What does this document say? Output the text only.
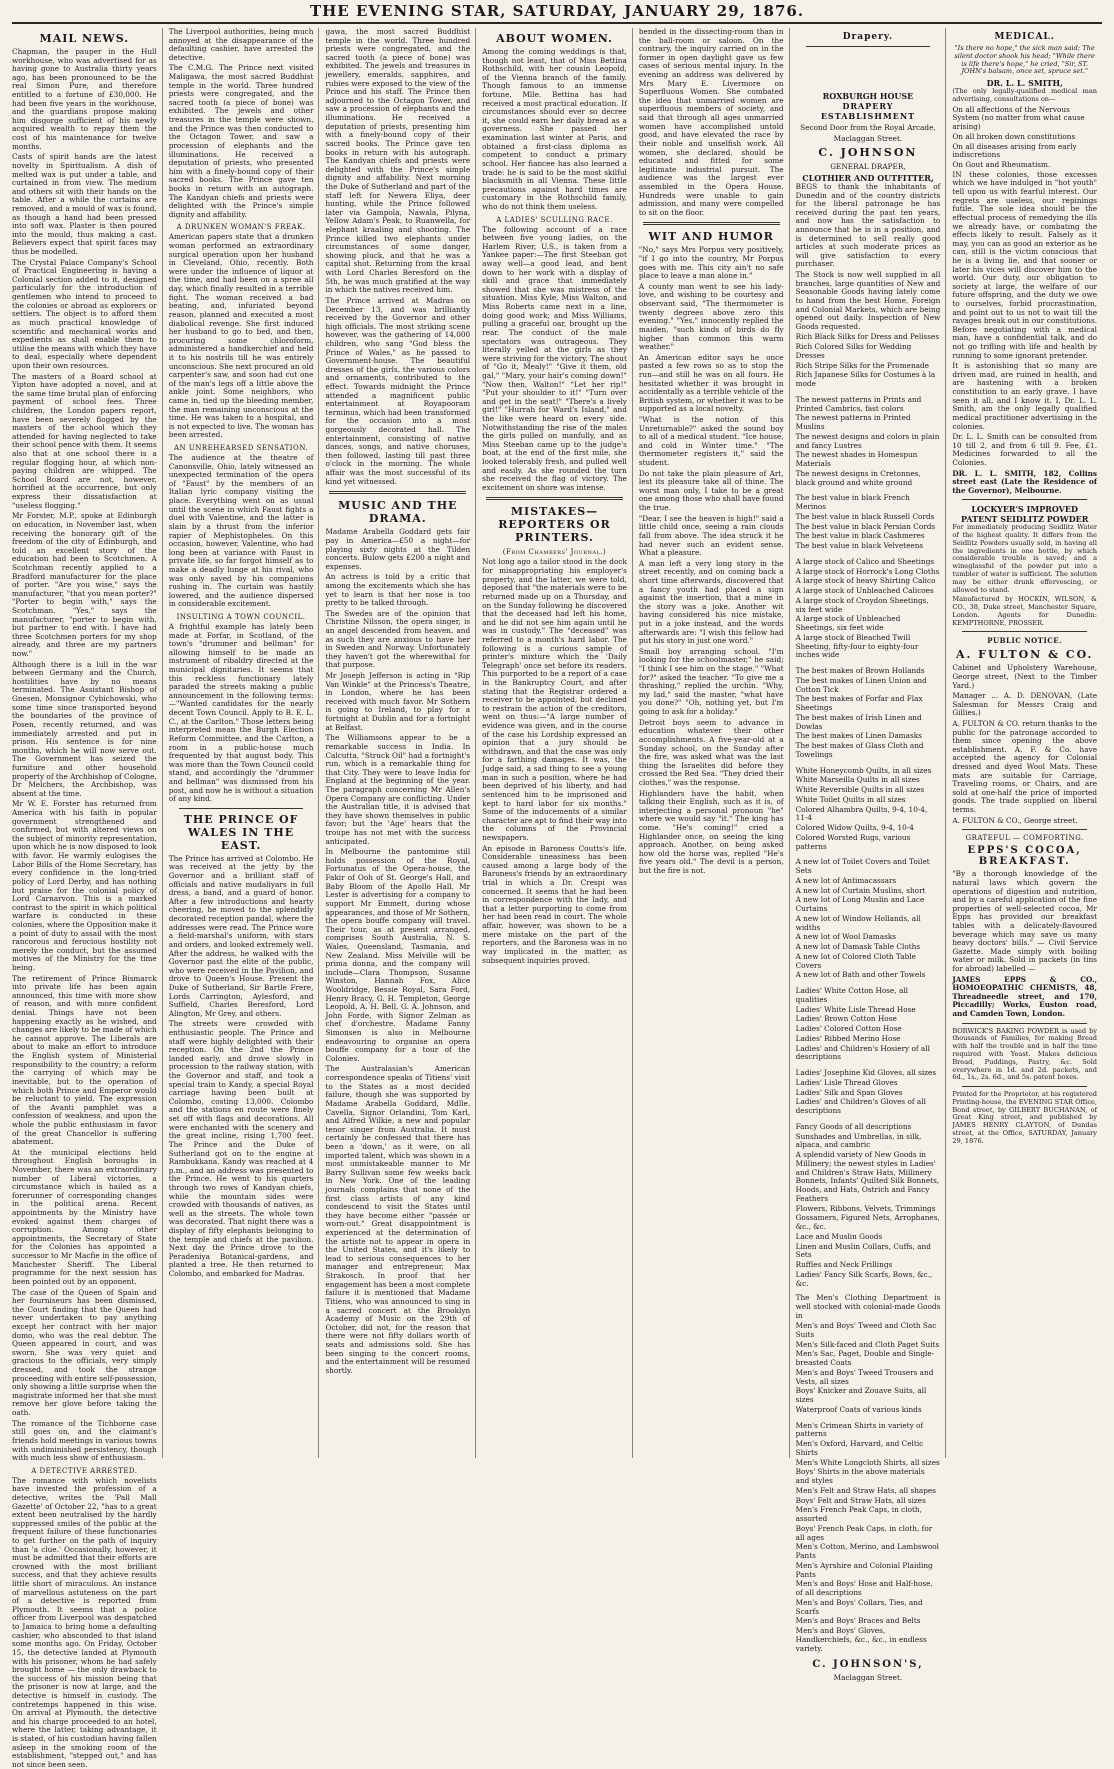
THE EVENING STAR, SATURDAY, JANUARY 29, 1876.
MAIL NEWS.

Chapman, the pauper in the Hull workhouse, who was advertised for as having gone to Australia thirty years ago, has been pronounced to be the real Simon Pure, and therefore entitled to a fortune of £30,000. He had been five years in the workhouse, and the guardians propose making him disgorge sufficient of his newly acquired wealth to repay them the cost of his maintenance for twelve months.

Casts of spirit hands are the latest novelty in Spiritualism. A dish of melted wax is put under a table, and curtained in from view. The medium and others sit with their hands on the table. After a while the curtains are removed, and a mould of wax is found, as though a hand had been pressed into soft wax. Plaster is then poured into the mould, thus making a cast. Believers expect that spirit faces may thus be modelled.

The Crystal Palace Company's School of Practical Engineering is having a Colonial section added to it, designed particularly for the introduction of gentlemen who intend to proceed to the colonies or abroad as explorers or settlers. The object is to afford them as much practical knowledge of scientific and mechanical works and expedients as shall enable them to utilise the means with which they have to deal, especially where dependent upon their own resources.

The masters of a Board school at Yipton have adopted a novel, and at the same time brutal plan of enforcing payment of school fees. Three children, the London papers report, have been severely flogged by the masters of the school which they attended for having neglected to take their school pence with them. It seems also that at one school there is a regular flogging hour, at which non-paying children are whipped. The School Board are not, however, horrified at the occurrence, but only express their dissatisfaction at "useless flogging."

Mr Forster, M.P., spoke at Edinburgh on education, in November last, when receiving the honorary gift of the freedom of the city of Edinburgh, and told an excellent story of the education had been to Scotchmen. A Scotchman recently applied to a Bradford manufacturer for the place of porter. "Are you wise," says the manufacturer, "that you mean porter?" "Porter to begin with," says the Scotchman. "Yes," says the manufacturer, "porter to begin with, but partner to end with. I have had three Scotchmen porters for my shop already, and three are my partners now."

Although there is a lull in the war between Germany and the Church, hostilities have by no means terminated. The Assistant Bishop of Gnesen, Monsignor Cybichowski, who some time since transported beyond the boundaries of the province of Posen, recently returned, and was immediately arrested and put in prison. His sentence is for nine months, which he will now serve out. The Government has seized the furniture and other household property of the Archbishop of Cologne. Dr Melchers, the Archbishop, was absent at the time.

Mr W. E. Forster has returned from America with his faith in popular government strengthened and confirmed, but with altered views on the subject of minority representation, upon which he is now disposed to look with favor. He warmly eulogises the Labor Bills of the Home Secretary, has every confidence in the long-tried policy of Lord Derby, and has nothing but praise for the colonial policy of Lord Carnarvon. This is a marked contrast to the spirit in which political warfare is conducted in these colonies, where the Opposition make it a point of duty to assail with the most rancorous and ferocious hostility not merely the conduct, but the assumed motives of the Ministry for the time being.

The retirement of Prince Bismarck into private life has been again announced, this time with more show of reason, and with more confident denial. Things have not been happening exactly as he wished, and changes are likely to be made of which he cannot approve. The Liberals are about to make an effort to introduce the English system of Ministerial responsibility to the country; a reform the carrying of which may be inevitable, but to the operation of which both Prince and Emperor would be reluctant to yield. The expression of the Avanti pamphlet was a confession of weakness, and upon the whole the public enthusiasm in favor of the great Chancellor is suffering abatement.

At the municipal elections held throughout English boroughs in November, there was an extraordinary number of Liberal victories, a circumstance which is hailed as a forerunner of corresponding changes in the political arena. Recent appointments by the Ministry have evoked against them charges of corruption. Among other appointments, the Secretary of State for the Colonies has appointed a successor to Mr Macfie in the office of Manchester Sheriff. The Liberal programme for the next session has been pointed out by an opponent.

The case of the Queen of Spain and her fourniseurs has been dismissed, the Court finding that the Queen had never undertaken to pay anything except her contract with her major domo, who was the real debtor. The Queen appeared in court, and was sworn. She was very quiet and gracious to the officials, very simply dressed, and took the strange proceeding with entire self-possession, only showing a little surprise when the magistrate informed her that she must remove her glove before taking the oath.

The romance of the Tichborne case still goes on, and the claimant's friends hold meetings in various towns with undiminished persistency, though with much less show of enthusiasm.

A DETECTIVE ARRESTED.

The romance with which novelists have invested the profession of a detective, writes the 'Pall Mall Gazette' of October 22, "has to a great extent been neutralised by the hardly suppressed smiles of the public at the frequent failure of these functionaries to get further on the path of inquiry than 'a clue.' Occasionally, however, it must be admitted that their efforts are crowned with the most brilliant success, and that they achieve results little short of miraculous. An instance of marvellous astuteness on the part of a detective is reported from Plymouth. It seems that a police officer from Liverpool was despatched to Jamaica to bring home a defaulting cashier, who absconded to that island some months ago. On Friday, October 15, the detective landed at Plymouth with his prisoner, whom he had safely brought home — the only drawback to the success of his mission being that the prisoner is now at large, and the detective is himself in custody. The contretemps happened in this wise. On arrival at Plymouth, the detective and his charge proceeded to an hotel, where the latter, taking advantage, it is stated, of his custodian having fallen asleep in the smoking room of the establishment, "stepped out," and has not since been seen.

The Liverpool authorities, being much annoyed at the disappearance of the defaulting cashier, have arrested the detective.

The C.M.G. The Prince next visited Maligawa, the most sacred Buddhist temple in the world. Three hundred priests were congregated, and the sacred tooth (a piece of bone) was exhibited. The jewels and other treasures in the temple were shown, and the Prince was then conducted to the Octagon Tower, and saw a procession of elephants and the illuminations. He received a deputation of priests, who presented him with a finely-bound copy of their sacred books. The Prince gave ten books in return with an autograph. The Kandyan chiefs and priests were delighted with the Prince's simple dignity and affability.

A DRUNKEN WOMAN'S FREAK.

American papers state that a drunken woman performed an extraordinary surgical operation upon her husband in Cleveland, Ohio, recently. Both were under the influence of liquor at the time, and had been on a spree all day, which finally resulted in a terrible fight. The woman received a bad beating, and, infuriated beyond reason, planned and executed a most diabolical revenge. She first induced her husband to go to bed, and then, procuring some chloroform, administered a handkerchief and held it to his nostrils till he was entirely unconscious. She next procured an old carpenter's saw, and soon had cut one of the man's legs off a little above the ankle joint. Some neighbors, who came in, tied up the bleeding member, the man remaining unconscious at the time. He was taken to a hospital, and is not expected to live. The woman has been arrested.

AN UNREHEARSED SENSATION.

The audience at the theatre of Canonsville, Ohio, lately witnessed an unexpected termination of the opera of "Faust" by the members of an Italian lyric company visiting the place. Everything went on as usual until the scene in which Faust fights a duel with Valentine, and the latter is slain by a thrust from the inferior rapier of Mephistopheles. On this occasion, however, Valentine, who had long been at variance with Faust in private life, so far forgot himself as to make a deadly lunge at his rival, who was only saved by his companions rushing in. The curtain was hastily lowered, and the audience dispersed in considerable excitement.

INSULTING A TOWN COUNCIL.

A frightful example has lately been made at Forfar, in Scotland, of the town's "drummer and bellman" for allowing himself to be made an instrument of ribaldry directed at the municipal dignitaries. It seems that this reckless functionary lately paraded the streets making a public announcement in the following terms:—"Wanted candidates for the nearly decent Town Council. Apply to B. E. L. C., at the Carlton." Those letters being interpreted mean the Burgh Election Reform Committee, and the Carlton, a room in a public-house much frequented by that august body. This was more than the Town Council could stand, and accordingly the "drummer and bellman" was dismissed from his post, and now he is without a situation of any kind.

THE PRINCE OF WALES IN THE EAST.

The Prince has arrived at Colombo. He was received at the jetty by the Governor and a brilliant staff of officials and native mudaliyars in full dress, a band, and a guard of honor. After a few introductions and hearty cheering, he moved to the splendidly decorated reception pandal, where the addresses were read. The Prince wore a field-marshal's uniform, with stars and orders, and looked extremely well. After the address, he walked with the Governor past the elite of the public, who were received in the Pavilion, and drove to Queen's House. Present the Duke of Sutherland, Sir Bartle Frere, Lords Carrington, Aylesford, and Suffield, Charles Beresford, Lord Alington, Mr Grey, and others.

The streets were crowded with enthusiastic people. The Prince and staff were highly delighted with their reception. On the 2nd the Prince landed early, and drove slowly in procession to the railway station, with the Governor and staff, and took a special train to Kandy, a special Royal carriage having been built at Colombo, costing 13,000. Colombo and the stations en route were finely set off with flags and decorations. All were enchanted with the scenery and the great incline, rising 1,700 feet. The Prince and the Duke of Sutherland got on to the engine at Rambukkana. Kandy was reached at 4 p.m., and an address was presented to the Prince. He went to his quarters through two rows of Kandyan chiefs, while the mountain sides were crowded with thousands of natives, as well as the streets. The whole town was decorated. That night there was a display of fifty elephants belonging to the temple and chiefs at the pavilion. Next day the Prince drove to the Peradeniya Botanical-gardens, and planted a tree. He then returned to Colombo, and embarked for Madras.

gawa, the most sacred Buddhist temple in the world. Three hundred priests were congregated, and the sacred tooth (a piece of bone) was exhibited. The jewels and treasures in jewellery, emeralds, sapphires, and rubies were exposed to the view of the Prince and his staff. The Prince then adjourned to the Octagon Tower, and saw a procession of elephants and the illuminations. He received a deputation of priests, presenting him with a finely-bound copy of their sacred books. The Prince gave ten books in return with his autograph. The Kandyan chiefs and priests were delighted with the Prince's simple dignity and affability. Next morning the Duke of Sutherland and part of the staff left for Newera Eliya, deer hunting, while the Prince followed later via Gampola, Nawala, Pilyna, Yellow Adam's Peak, to Ruanwella, for elephant kraaling and shooting. The Prince killed two elephants under circumstances of some danger, showing pluck, and that he was a capital shot. Returning from the kraal with Lord Charles Beresford on the 5th, he was much gratified at the way in which the natives received him.

The Prince arrived at Madras on December 13, and was brilliantly received by the Governor and other high officials. The most striking scene however, was the gathering of 14,000 children, who sang "God bless the Prince of Wales," as he passed to Government-house. The beautiful dresses of the girls, the various colors and ornaments, contributed to the effect. Towards midnight the Prince attended a magnificent public entertainment at Royapooram terminus, which had been transformed for the occasion into a most gorgeously decorated hall. The entertainment, consisting of native dances, songs, and native choruses, then followed, lasting till past three o'clock in the morning. The whole affair was the most successful of its kind yet witnessed.

MUSIC AND THE DRAMA.

Madame Arabella Goddard gets fair pay in America—£50 a night—for playing sixty nights at the Tilden concerts. Bulow gets £200 a night and expenses.

An actress is told by a critic that among the excitements which she has yet to learn is that her nose is too pretty to be talked through.

The Swedes are of the opinion that Christine Nilsson, the opera singer, is an angel descended from heaven, and as such they are anxious to have her in Sweden and Norway. Unfortunately they haven't got the wherewithal for that purpose.

Mr Joseph Jefferson is acting in "Rip Van Winkle" at the Princess's Theatre, in London, where he has been received with much favor. Mr Sothern is going to Ireland, to play for a fortnight at Dublin and for a fortnight at Belfast.

The Williamsons appear to be a remarkable success in India. In Calcutta, "Struck Oil" had a fortnight's run, which is a remarkable thing for that City. They were to leave India for England at the beginning of the year. The paragraph concerning Mr Allen's Opera Company are conflicting. Under the Australian title, it is advised that they have shown themselves in public favor; but the 'Age' hears that the troupe has not met with the success anticipated.

In Melbourne the pantomime still holds possession of the Royal, Fortunatus of the Opera-house, the Fakir of Ooh of St. George's Hall, and Baby Bloom of the Apollo Hall. Mr Lester is advertising for a company to support Mr Emmett, during whose appearances, and those of Mr Sothern, the opera bouffe company will travel. Their tour, as at present arranged, comprises South Australia, N. S. Wales, Queensland, Tasmania, and New Zealand. Miss Melville will be prima donna, and the company will include—Clara Thompson, Susanne Winston, Hannah Fox, Alice Wooldridge, Bessie Royal, Sara Ford, Henry Bracy, G. H. Templeton, George Leopold, A. H. Bell, G. A. Johnson, and John Forde, with Signor Zelman as chef d'orchestre. Madame Fanny Simonsen is also in Melbourne endeavouring to organise an opera bouffe company for a tour of the Colonies.

The Australasian's American correspondence speaks of Titiens' visit to the States as a most decided failure, though she was supported by Madame Arabella Goddard, Mdlle. Cavella, Signor Orlandini, Tom Karl, and Alfred Wilkie, a new and popular tenor singer from Australia. It must certainly be confessed that there has been a 'down,' as it were, on all imported talent, which was shown in a most unmistakeable manner to Mr Barry Sullivan some few weeks back in New York. One of the leading journals complains that none of the first class artists of any kind condescend to visit the States until they have become either "passée or worn-out." Great disappointment is experienced at the determination of the artiste not to appear in opera in the United States, and it's likely to lead to serious consequences to her manager and entrepreneur, Max Strakosch. In proof that her engagement has been a most complete failure it is mentioned that Madame Titiens, who was announced to sing in a sacred concert at the Brooklyn Academy of Music on the 29th of October, did not, for the reason that there were not fifty dollars worth of seats and admissions sold. She has been singing to the concert rooms, and the entertainment will be resumed shortly.

ABOUT WOMEN.

Among the coming weddings is that, though not least, that of Miss Bettina Rothschild, with her cousin Leopold, of the Vienna branch of the family. Though famous to an immense fortune, Mlle. Bettina has had received a most practical education. If circumstances should ever so decree it, she could earn her daily bread as a governess. She passed her examination last winter at Paris, and obtained a first-class diploma as competent to conduct a primary school. Her fiancee has also learned a trade: he is said to be the most skilful blacksmith in all Vienna. These little precautions against hard times are customary in the Rothschild family, who do not think them useless.

A LADIES' SCULLING RACE.

The following account of a race between five young ladies, on the Harlem River, U.S., is taken from a Yankee paper:—The first Steeban got away well—a good lead, and bent down to her work with a display of skill and grace that immediately showed that she was mistress of the situation. Miss Kyle, Miss Walton, and Miss Roberts came next in a line, doing good work; and Miss Williams, pulling a graceful oar, brought up the rear. The conduct of the male spectators was outrageous. They literally yelled at the girls as they were striving for the victory. The shout of "Go it, Mealy!" "Give it them, old gal," "Mary, your hair's coming down!" "Now then, Walton!" "Let her rip!" "Put your shoulder to it!" "Turn over and get in the seat!" "There's a lively girl!" "Hurrah for Ward's Island," and the like were heard on every side. Notwithstanding the rise of the males the girls pulled on manfully, and as Miss Steeban came up to the judge's boat, at the end of the first mile, she looked tolerably fresh, and pulled well and easily. As she rounded the turn she received the flag of victory. The excitement on shore was intense.

MISTAKES—REPORTERS OR PRINTERS.
(From Chambers' Journal.)

Not long ago a tailor stood in the dock for misappropriating his employer's property, and the latter, we were told, deposed that "the materials were to be returned made up on a Thursday, and on the Sunday following he discovered that the deceased had left his home, and he did not see him again until he was in custody." The "deceased" was referred to a month's hard labor. The following is a curious sample of printer's mixture which the 'Daily Telegraph' once set before its readers. This purported to be a report of a case in the Bankruptcy Court, and after stating that the Registrar ordered a receiver to be appointed, but declined to restrain the action of the creditors, went on thus:—"A large number of evidence was given, and in the course of the case his Lordship expressed an opinion that a jury should be withdrawn, and that the case was only for a farthing damages. It was, the Judge said, a sad thing to see a young man in such a position, where he had been deprived of his liberty, and had sentenced him to be imprisoned and kept to hard labor for six months." Some of the inducements of a similar character are apt to find their way into the columns of the Provincial newspapers.

An episode in Baroness Coutts's life. Considerable uneasiness has been caused among a large body of the Baroness's friends by an extraordinary trial in which a Dr. Crespi was concerned. It seems that he had been in correspondence with the lady, and that a letter purporting to come from her had been read in court. The whole affair, however, was shown to be a mere mistake on the part of the reporters, and the Baroness was in no way implicated in the matter, as subsequent inquiries proved.

bended in the dissecting-room than in the ball-room or saloon. On the contrary, the inquiry carried on in the former in open daylight gave us few cases of serious mental injury. In the evening an address was delivered by Mrs Mary E. Livermore on Superfluous Women. She combated the idea that unmarried women are superfluous members of society, and said that through all ages unmarried women have accomplished untold good, and have elevated the race by their noble and unselfish work. All women, she declared, should be educated and fitted for some legitimate industrial pursuit. The audience was the largest ever assembled in the Opera House. Hundreds were unable to gain admission, and many were compelled to sit on the floor.

WIT AND HUMOR

"No," says Mrs Porpus very positively, "if I go into the country, Mr Porpus goes with me. This city ain't no safe place to leave a man alone in."

A county man went to see his lady-love, and wishing to be courtesy and observant said, "The thermometer is twenty degrees above zero this evening." "Yes," innocently replied the maiden, "such kinds of birds do fly higher than common this warm weather."

An American editor says he once pasted a few rows so as to stop the run—and still he was on all fours. He hesitated whether it was brought in accidentally as a terrible vehicle of the British system, or whether it was to be supported as a local novelty.

"What is the notion of this Unreturnable?" asked the sound boy to all of a medical student. "Ice house, and cold in Winter time." "The thermometer registers it," said the student.

Do not take the plain pleasure of Art, lest its pleasure take all of thine. The worst man only, I take to be a great one among those who shall have found the true.

"Dear, I see the heaven is high!" said a little child once, seeing a rain clouds fall from above. The idea struck it he had never such an evident sense. What a pleasure.

A man left a very long story in the street recently, and on coming back a short time afterwards, discovered that a fancy youth had placed a sign against the insertion, that a mine in the story was a joke. Another wit having considered his nice mistake, put in a joke instead, and the words afterwards are: "I wish this fellow had put his story in just one word."

Small boy arranging school. "I'm looking for the schoolmaster," he said; "I think I see him on the stage." "What for?" asked the teacher. "To give me a thrashing," replied the urchin. "Why, my lad," said the master, "what have you done?" "Oh, nothing yet, but I'm going to ask for a holiday."

Detroit boys seem to advance in education whatever their other accomplishments. A five-year-old at a Sunday school, on the Sunday after the fire, was asked what was the last thing the Israelites did before they crossed the Red Sea. "They dried their clothes," was the response.

Highlanders have the habit, when talking their English, such as it is, of interjecting a personal pronoun "he" where we would say "it." The king has come. "He's coming!" cried a Highlander once, on seeing the king approach. Another, on being asked how old the horse was, replied "He's five years old." The devil is a person, but the fire is not.

Drapery.
ROXBURGH HOUSE
DRAPERY ESTABLISHMENT
Second Door from the Royal Arcade,
Maclaggan Street.
C. JOHNSON
GENERAL DRAPER,
CLOTHIER AND OUTFITTER,

BEGS to thank the inhabitants of Dunedin and of the country districts for the liberal patronage he has received during the past ten years, and now has the satisfaction to announce that he is in a position, and is determined to sell really good articles at such moderate prices as will give satisfaction to every purchaser.

The Stock is now well supplied in all branches, large quantities of New and Seasonable Goods having lately come to hand from the best Home, Foreign and Colonial Markets, which are being opened out daily. Inspection of New Goods requested.

Rich Black Silks for Dress and Pelisses
Rich Colored Silks for Wedding Dresses
Rich Stripe Silks for the Promenade
Rich Japanese Silks for Costumes à la mode
The newest patterns in Prints and Printed Cambrics, fast colors
The newest patterns in Printed Muslins
The newest designs and colors in plain and fancy Lustres
The newest shades in Homespun Materials
The newest designs in Cretonnes, black ground and white ground
The best value in black French Merinos
The best value in black Russell Cords
The best value in black Persian Cords
The best value in black Cashmeres
The best value in black Velveteens
A large stock of Calico and Sheetings
A large stock of Horrock's Long Cloths
A large stock of heavy Shirting Calico
A large stock of Unbleached Calicoes
A large stock of Croydon Sheetings, six feet wide
A large stock of Unbleached Sheetings, six feet wide
A large stock of Bleached Twill Sheeting, fifty-four to eighty-four inches wide
The best makes of Brown Hollands
The best makes of Linen Union and Cotton Tick
The best makes of Forfar and Flax Sheetings
The best makes of Irish Linen and Dowlas
The best makes of Linen Damasks
The best makes of Glass Cloth and Towelings
White Honeycomb Quilts, in all sizes
White Marseilla Quilts in all sizes
White Reversible Quilts in all sizes
White Toilet Quilts in all sizes
Colored Alhambra Quilts, 9-4, 10-4, 11-4
Colored Widow Quilts, 9-4, 10-4
Colored Worsted Rugs, various patterns
A new lot of Toilet Covers and Toilet Sets
A new lot of Antimacassars
A new lot of Curtain Muslins, short
A new lot of Long Muslin and Lace Curtains
A new lot of Window Hollands, all widths
A new lot of Wool Damasks
A new lot of Damask Table Cloths
A new lot of Colored Cloth Table Covers
A new lot of Bath and other Towels
Ladies' White Cotton Hose, all qualities
Ladies' White Lisle Thread Hose
Ladies' Brown Cotton Hose
Ladies' Colored Cotton Hose
Ladies' Ribbed Merino Hose
Ladies' and Children's Hosiery of all descriptions
Ladies' Josephine Kid Gloves, all sizes
Ladies' Lisle Thread Gloves
Ladies' Silk and Span Gloves
Ladies' and Children's Gloves of all descriptions
Fancy Goods of all descriptions
Sunshades and Umbrellas, in silk, alpaca, and cambric
A splendid variety of New Goods in Millinery; the newest styles in Ladies' and Children's Straw Hats, Millinery Bonnets, Infants' Quilted Silk Bonnets, Hoods, and Hats, Ostrich and Fancy Feathers
Flowers, Ribbons, Velvets, Trimmings
Gossamers, Figured Nets, Arrophanes, &c., &c.
Lace and Muslin Goods
Linen and Muslin Collars, Cuffs, and Sets
Ruffles and Neck Frillings
Ladies' Fancy Silk Scarfs, Bows, &c., &c.

The Men's Clothing Department is well stocked with colonial-made Goods in

Men's and Boys' Tweed and Cloth Sac Suits
Men's Silk-faced and Cloth Paget Suits
Men's Sac, Paget, Double and Single-breasted Coats
Men's and Boys' Tweed Trousers and Vests, all sizes
Boys' Knicker and Zouave Suits, all sizes
Waterproof Coats of various kinds
Men's Crimean Shirts in variety of patterns
Men's Oxford, Harvard, and Celtic Shirts
Men's White Longcloth Shirts, all sizes
Boys' Shirts in the above materials and styles
Men's Felt and Straw Hats, all shapes
Boys' Felt and Straw Hats, all sizes
Men's French Peak Caps, in cloth, assorted
Boys' French Peak Caps, in cloth, for all ages
Men's Cotton, Merino, and Lambswool Pants
Men's Ayrshire and Colonial Plaiding Pants
Men's and Boys' Hose and Half-hose, of all descriptions
Men's and Boys' Collars, Ties, and Scarfs
Men's and Boys' Braces and Belts
Men's and Boys' Gloves, Handkerchiefs, &c., &c., in endless variety.
C. JOHNSON'S,
Maclaggan Street.
MEDICAL.

"Is there no hope," the sick man said; The silent doctor shook his head; "While there is life there's hope," he cried, "Sir, ST. JOHN's balsam, once set, spruce set."

DR. L. L. SMITH,

(The only legally-qualified medical man advertising, consultations on—

On all affections of the Nervous System (no matter from what cause arising)
On all broken down constitutions
On all diseases arising from early indiscretions
On Gout and Rheumatism.

IN these colonies, those excesses which we have indulged in "hot youth" tell upon us with fearful interest. Our regrets are useless, our repinings futile. The sole idea should be the effectual process of remedying the ills we already have, or combating the effects likely to result. Falsely as it may, you can as good an exterior as he can, still is the victim conscious that he is a living lie, and that sooner or later his vices will discover him to the world. Our duty, our obligation to society at large, the welfare of our future offspring, and the duty we owe to ourselves, forbid procrastination, and point out to us not to wait till the ravages break out in our constitutions. Before negotiating with a medical man, have a confidential talk, and do not go trifling with life and health by running to some ignorant pretender.

It is astonishing that so many are driven mad, are ruined in health, and are hastening with a broken constitution to an early grave. I have seen it all, and I know it. I, Dr. L. L. Smith, am the only legally qualified medical practitioner advertising in the colonies.

Dr. L. L. Smith can be consulted from 10 till 2, and from 6 till 9. Fee, £1. Medicines forwarded to all the Colonies.

DR. L. L. SMITH, 182, Collins street east (Late the Residence of the Governor), Melbourne.

LOCKYER'S IMPROVED PATENT SEIDLITZ POWDER

For immediately producing Seidlitz Water of the highest quality. It differs from the Seidlitz Powders usually sold, in having all the ingredients in one bottle, by which considerable trouble is saved; and a wineglassful of the powder put into a tumbler of water is sufficient. The solution may be either drunk effervescing, or allowed to stand.

Manufactured by HOCKIN, WILSON, & CO., 38, Duke street, Manchester Square, London. Agents for Dunedin: KEMPTHORNE, PROSSER.

PUBLIC NOTICE.
A. FULTON & CO.

Cabinet and Upholstery Warehouse, George street, (Next to the Timber Yard.)

Manager ... A. D. DENOVAN, (Late Salesman for Messrs Craig and Gillies.)

A. FULTON & CO. return thanks to the public for the patronage accorded to them since opening the above establishment. A. F. & Co. have accepted the agency for Colonial dressed and dyed Wool Mats. These mats are suitable for Carriage, Traveling rooms, or Chairs, and are sold at one-half the price of imported goods. The trade supplied on liberal terms.

A. FULTON & CO., George street.

GRATEFUL — COMFORTING.
EPPS'S COCOA, BREAKFAST.

"By a thorough knowledge of the natural laws which govern the operations of digestion and nutrition, and by a careful application of the fine properties of well-selected cocoa, Mr Epps has provided our breakfast tables with a delicately-flavoured beverage which may save us many heavy doctors' bills." — Civil Service Gazette. Made simply with boiling water or milk. Sold in packets (in tins for abroad) labelled —

JAMES EPPS & CO., HOMOEOPATHIC CHEMISTS, 48, Threadneedle street, and 170, Piccadilly; Works, Euston road, and Camden Town, London.

BORWICK'S BAKING POWDER is used by thousands of Families, for making Bread with half the trouble and in half the time required with Yeast. Makes delicious Bread, Puddings, Pastry, &c. Sold everywhere in 1d. and 2d. packets, and 6d., 1s., 2s. 6d., and 5s. patent boxes.

Printed for the Proprietor, at his registered Printing-house, the EVENING STAR Office, Bond street, by GILBERT BUCHANAN, of Great King street, and published by JAMES HENRY CLAYTON, of Dundas street, at the Office, SATURDAY, January 29, 1876.
